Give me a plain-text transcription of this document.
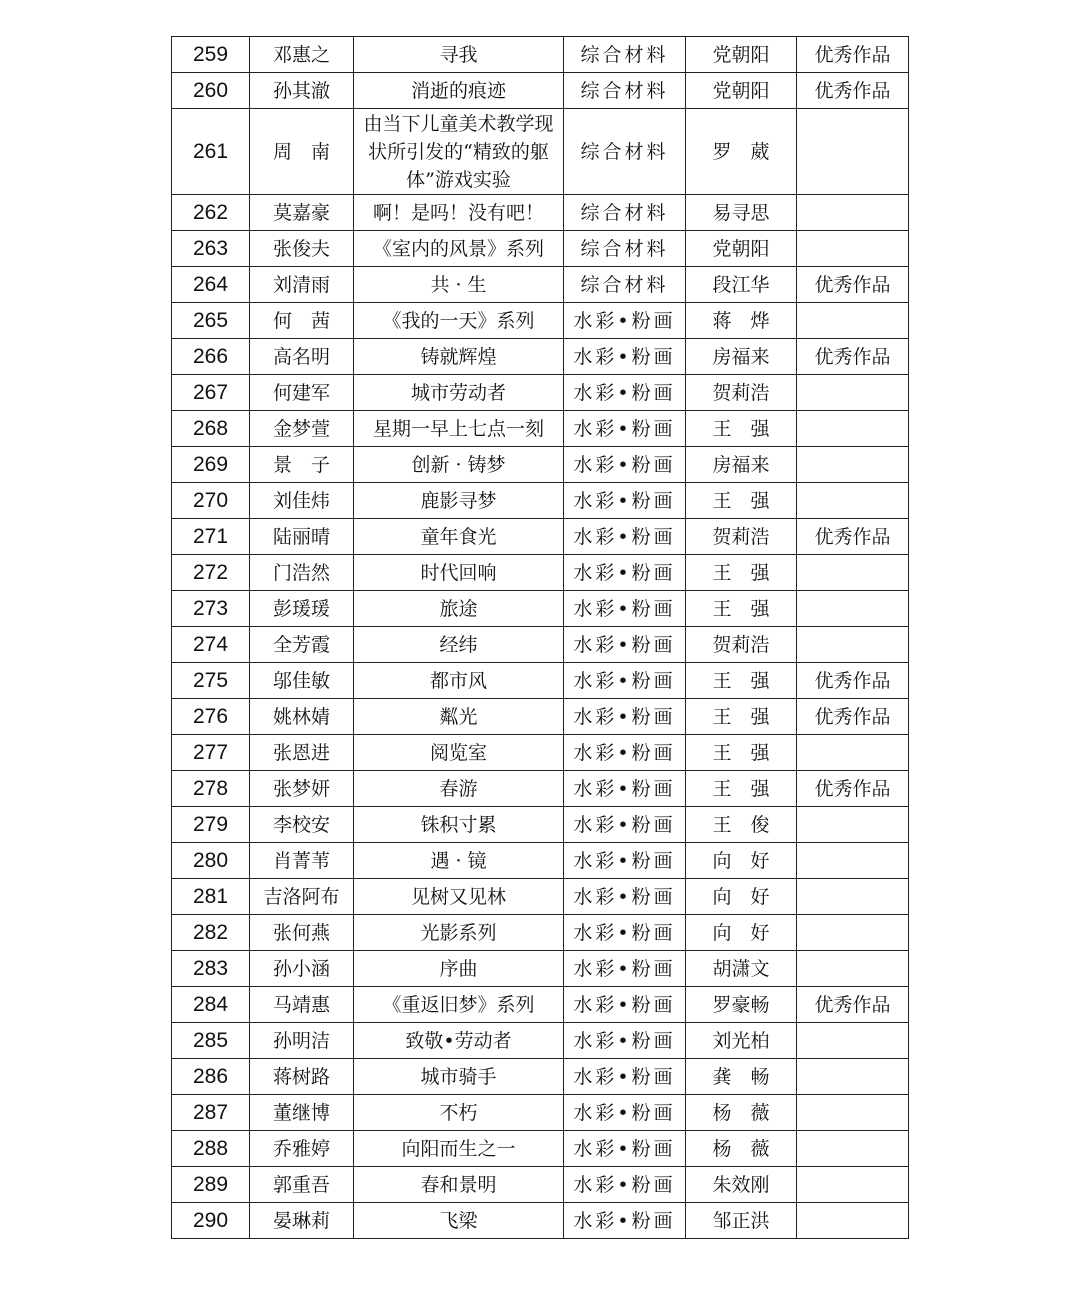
259	邓惠之	寻我	综合材料	党朝阳	优秀作品
260	孙其澈	消逝的痕迹	综合材料	党朝阳	优秀作品
261	周　南	由当下儿童美术教学现状所引发的“精致的躯体”游戏实验	综合材料	罗　葳	
262	莫嘉豪	啊！是吗！没有吧！	综合材料	易寻思	
263	张俊夫	《室内的风景》系列	综合材料	党朝阳	
264	刘清雨	共 · 生	综合材料	段江华	优秀作品
265	何　茜	《我的一天》系列	水彩•粉画	蒋　烨	
266	高名明	铸就辉煌	水彩•粉画	房福来	优秀作品
267	何建军	城市劳动者	水彩•粉画	贺莉浩	
268	金梦萱	星期一早上七点一刻	水彩•粉画	王　强	
269	景　子	创新 · 铸梦	水彩•粉画	房福来	
270	刘佳炜	鹿影寻梦	水彩•粉画	王　强	
271	陆丽晴	童年食光	水彩•粉画	贺莉浩	优秀作品
272	门浩然	时代回响	水彩•粉画	王　强	
273	彭瑗瑗	旅途	水彩•粉画	王　强	
274	全芳霞	经纬	水彩•粉画	贺莉浩	
275	邬佳敏	都市风	水彩•粉画	王　强	优秀作品
276	姚林婧	粼光	水彩•粉画	王　强	优秀作品
277	张恩进	阅览室	水彩•粉画	王　强	
278	张梦妍	春游	水彩•粉画	王　强	优秀作品
279	李校安	铢积寸累	水彩•粉画	王　俊	
280	肖菁苇	遇 · 镜	水彩•粉画	向　好	
281	吉洛阿布	见树又见林	水彩•粉画	向　好	
282	张何燕	光影系列	水彩•粉画	向　好	
283	孙小涵	序曲	水彩•粉画	胡潇文	
284	马靖惠	《重返旧梦》系列	水彩•粉画	罗豪畅	优秀作品
285	孙明洁	致敬•劳动者	水彩•粉画	刘光柏	
286	蒋树路	城市骑手	水彩•粉画	龚　畅	
287	董继博	不朽	水彩•粉画	杨　薇	
288	乔雅婷	向阳而生之一	水彩•粉画	杨　薇	
289	郭重吾	春和景明	水彩•粉画	朱效刚	
290	晏琳莉	飞梁	水彩•粉画	邹正洪	
